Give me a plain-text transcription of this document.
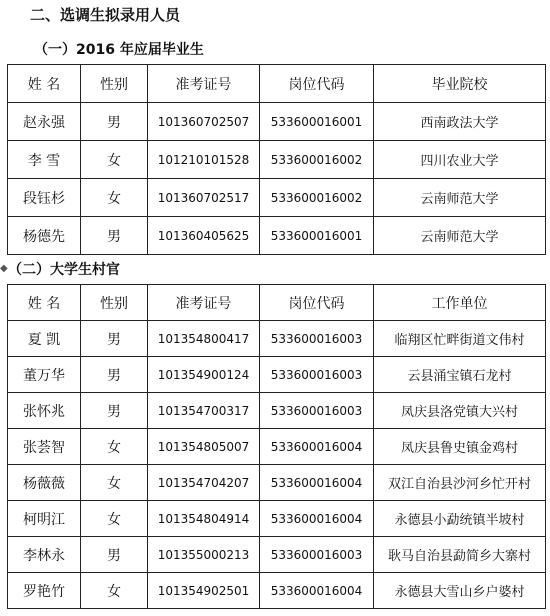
二、选调生拟录用人员
（一）2016 年应届毕业生
姓 名	性别	准考证号	岗位代码	毕业院校
赵永强	男	101360702507	533600016001	西南政法大学
李 雪	女	101210101528	533600016002	四川农业大学
段钰杉	女	101360702517	533600016002	云南师范大学
杨德先	男	101360405625	533600016001	云南师范大学
◆ （二）大学生村官
姓 名	性别	准考证号	岗位代码	工作单位
夏 凯	男	101354800417	533600016003	临翔区忙畔街道文伟村
董万华	男	101354900124	533600016003	云县涌宝镇石龙村
张怀兆	男	101354700317	533600016003	凤庆县洛党镇大兴村
张荟智	女	101354805007	533600016004	凤庆县鲁史镇金鸡村
杨薇薇	女	101354704207	533600016004	双江自治县沙河乡忙开村
柯明江	女	101354804914	533600016004	永德县小勐统镇半坡村
李林永	男	101355000213	533600016003	耿马自治县勐简乡大寨村
罗艳竹	女	101354902501	533600016004	永德县大雪山乡户婆村
